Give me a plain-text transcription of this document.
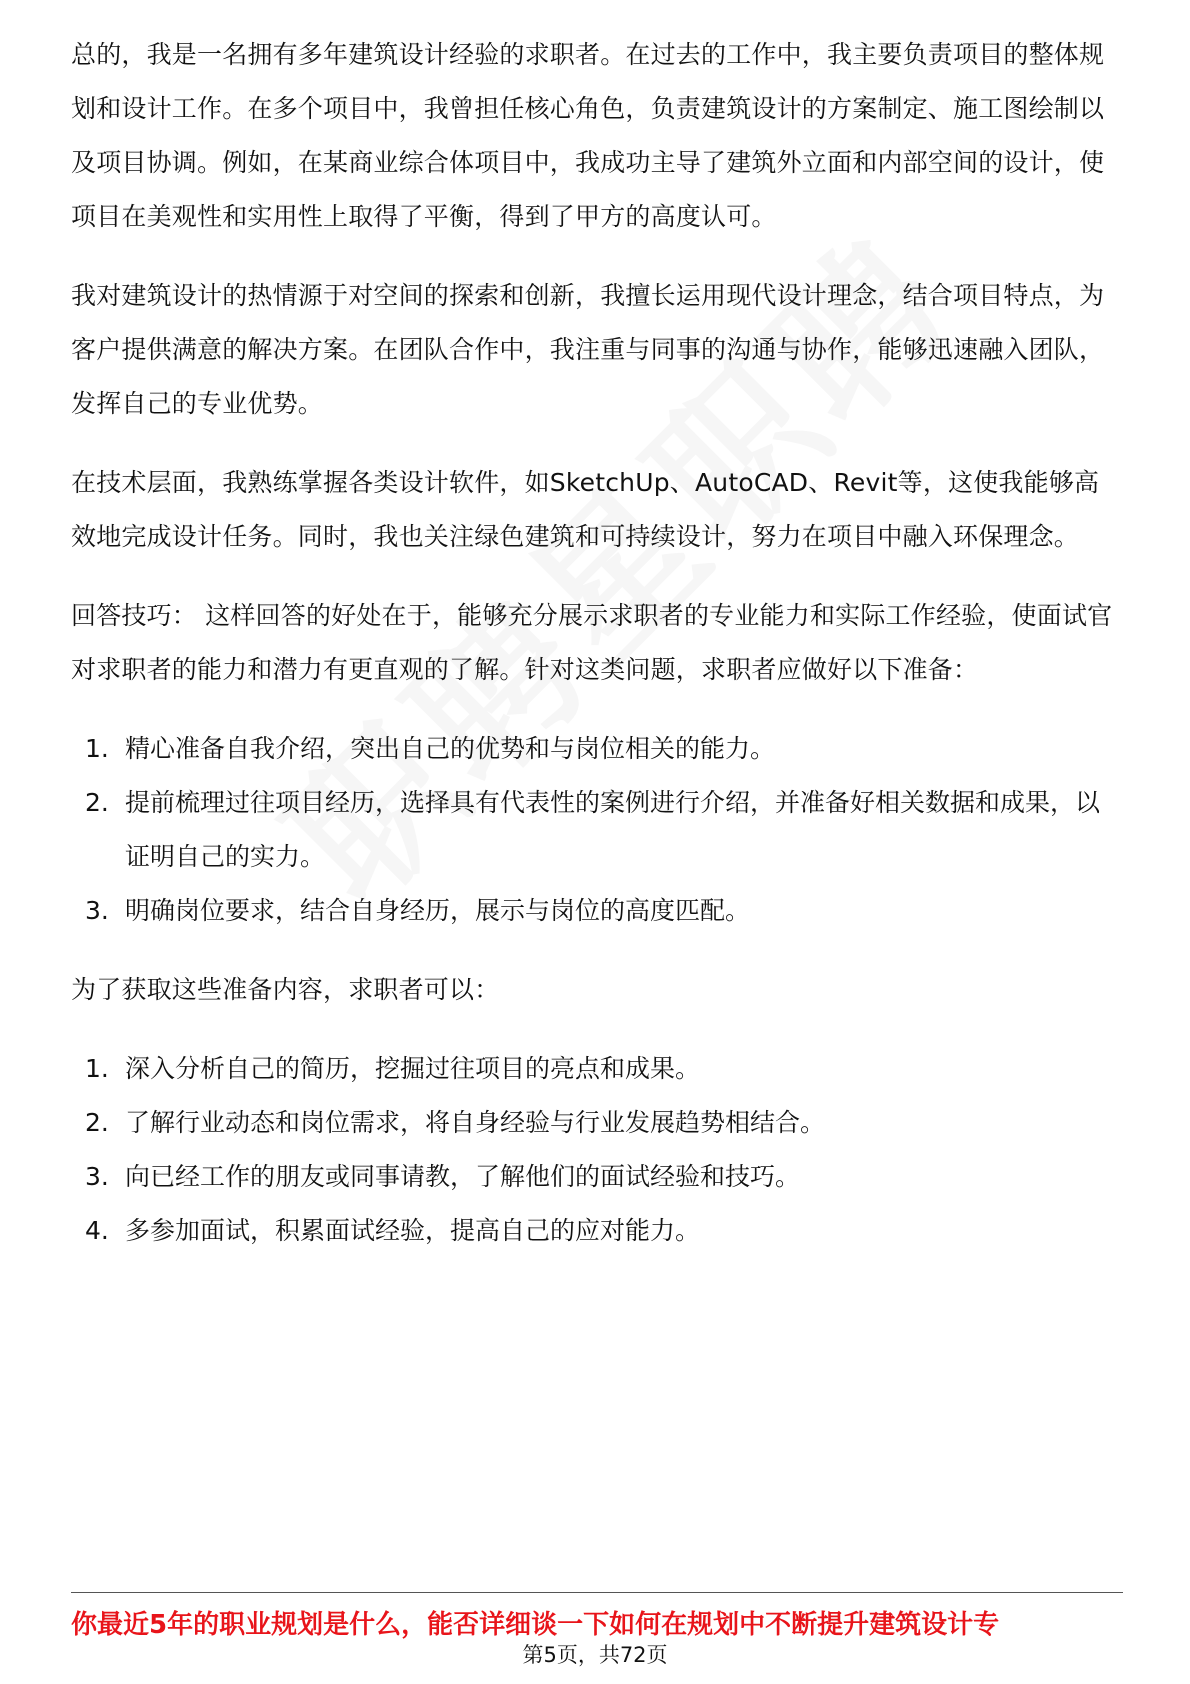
总的，我是一名拥有多年建筑设计经验的求职者。在过去的工作中，我主要负责项目的整体规划和设计工作。在多个项目中，我曾担任核心角色，负责建筑设计的方案制定、施工图绘制以及项目协调。例如，在某商业综合体项目中，我成功主导了建筑外立面和内部空间的设计，使项目在美观性和实用性上取得了平衡，得到了甲方的高度认可。

我对建筑设计的热情源于对空间的探索和创新，我擅长运用现代设计理念，结合项目特点，为客户提供满意的解决方案。在团队合作中，我注重与同事的沟通与协作，能够迅速融入团队，发挥自己的专业优势。

在技术层面，我熟练掌握各类设计软件，如SketchUp、AutoCAD、Revit等，这使我能够高效地完成设计任务。同时，我也关注绿色建筑和可持续设计，努力在项目中融入环保理念。

回答技巧： 这样回答的好处在于，能够充分展示求职者的专业能力和实际工作经验，使面试官对求职者的能力和潜力有更直观的了解。针对这类问题，求职者应做好以下准备：

1. 精心准备自我介绍，突出自己的优势和与岗位相关的能力。
2. 提前梳理过往项目经历，选择具有代表性的案例进行介绍，并准备好相关数据和成果，以证明自己的实力。
3. 明确岗位要求，结合自身经历，展示与岗位的高度匹配。

为了获取这些准备内容，求职者可以：

1. 深入分析自己的简历，挖掘过往项目的亮点和成果。
2. 了解行业动态和岗位需求，将自身经验与行业发展趋势相结合。
3. 向已经工作的朋友或同事请教，了解他们的面试经验和技巧。
4. 多参加面试，积累面试经验，提高自己的应对能力。
你最近5年的职业规划是什么，能否详细谈一下如何在规划中不断提升建筑设计专
第5页，共72页
